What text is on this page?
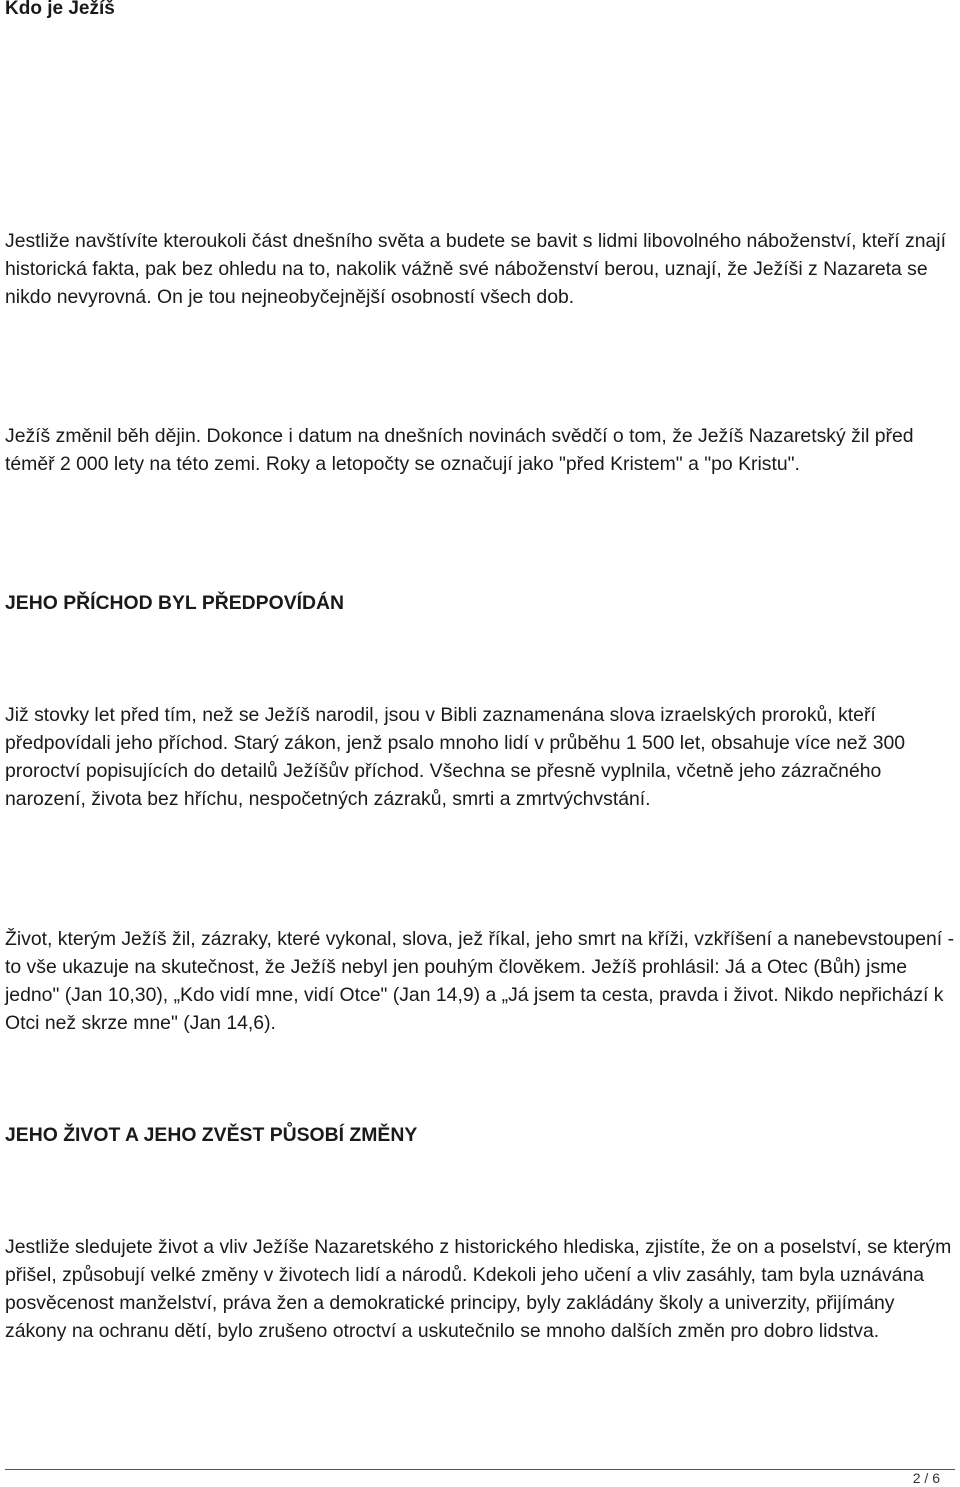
Kdo je Ježíš

Jestliže navštívíte kteroukoli část dnešního světa a budete se bavit s lidmi libovolného náboženství, kteří znají historická fakta, pak bez ohledu na to, nakolik vážně své náboženství berou, uznají, že Ježíši z Nazareta se nikdo nevyrovná. On je tou nejneobyčejnější osobností všech dob.

Ježíš změnil běh dějin. Dokonce i datum na dnešních novinách svědčí o tom, že Ježíš Nazaretský žil před téměř 2 000 lety na této zemi. Roky a letopočty se označují jako "před Kristem" a "po Kristu".

JEHO PŘÍCHOD BYL PŘEDPOVÍDÁN

Již stovky let před tím, než se Ježíš narodil, jsou v Bibli zaznamenána slova izraelských proroků, kteří předpovídali jeho příchod. Starý zákon, jenž psalo mnoho lidí v průběhu 1 500 let, obsahuje více než 300 proroctví popisujících do detailů Ježíšův příchod. Všechna se přesně vyplnila, včetně jeho zázračného narození, života bez hříchu, nespočetných zázraků, smrti a zmrtvýchvstání.

Život, kterým Ježíš žil, zázraky, které vykonal, slova, jež říkal, jeho smrt na kříži, vzkříšení a nanebevstoupení - to vše ukazuje na skutečnost, že Ježíš nebyl jen pouhým člověkem. Ježíš prohlásil: Já a Otec (Bůh) jsme jedno" (Jan 10,30), „Kdo vidí mne, vidí Otce" (Jan 14,9) a „Já jsem ta cesta, pravda i život. Nikdo nepřichází k Otci než skrze mne" (Jan 14,6).

JEHO ŽIVOT A JEHO ZVĚST PŮSOBÍ ZMĚNY

Jestliže sledujete život a vliv Ježíše Nazaretského z historického hlediska, zjistíte, že on a poselství, se kterým přišel, způsobují velké změny v životech lidí a národů. Kdekoli jeho učení a vliv zasáhly, tam byla uznávána posvěcenost manželství, práva žen a demokratické principy, byly zakládány školy a univerzity, přijímány zákony na ochranu dětí, bylo zrušeno otroctví a uskutečnilo se mnoho dalších změn pro dobro lidstva.

2 / 6
